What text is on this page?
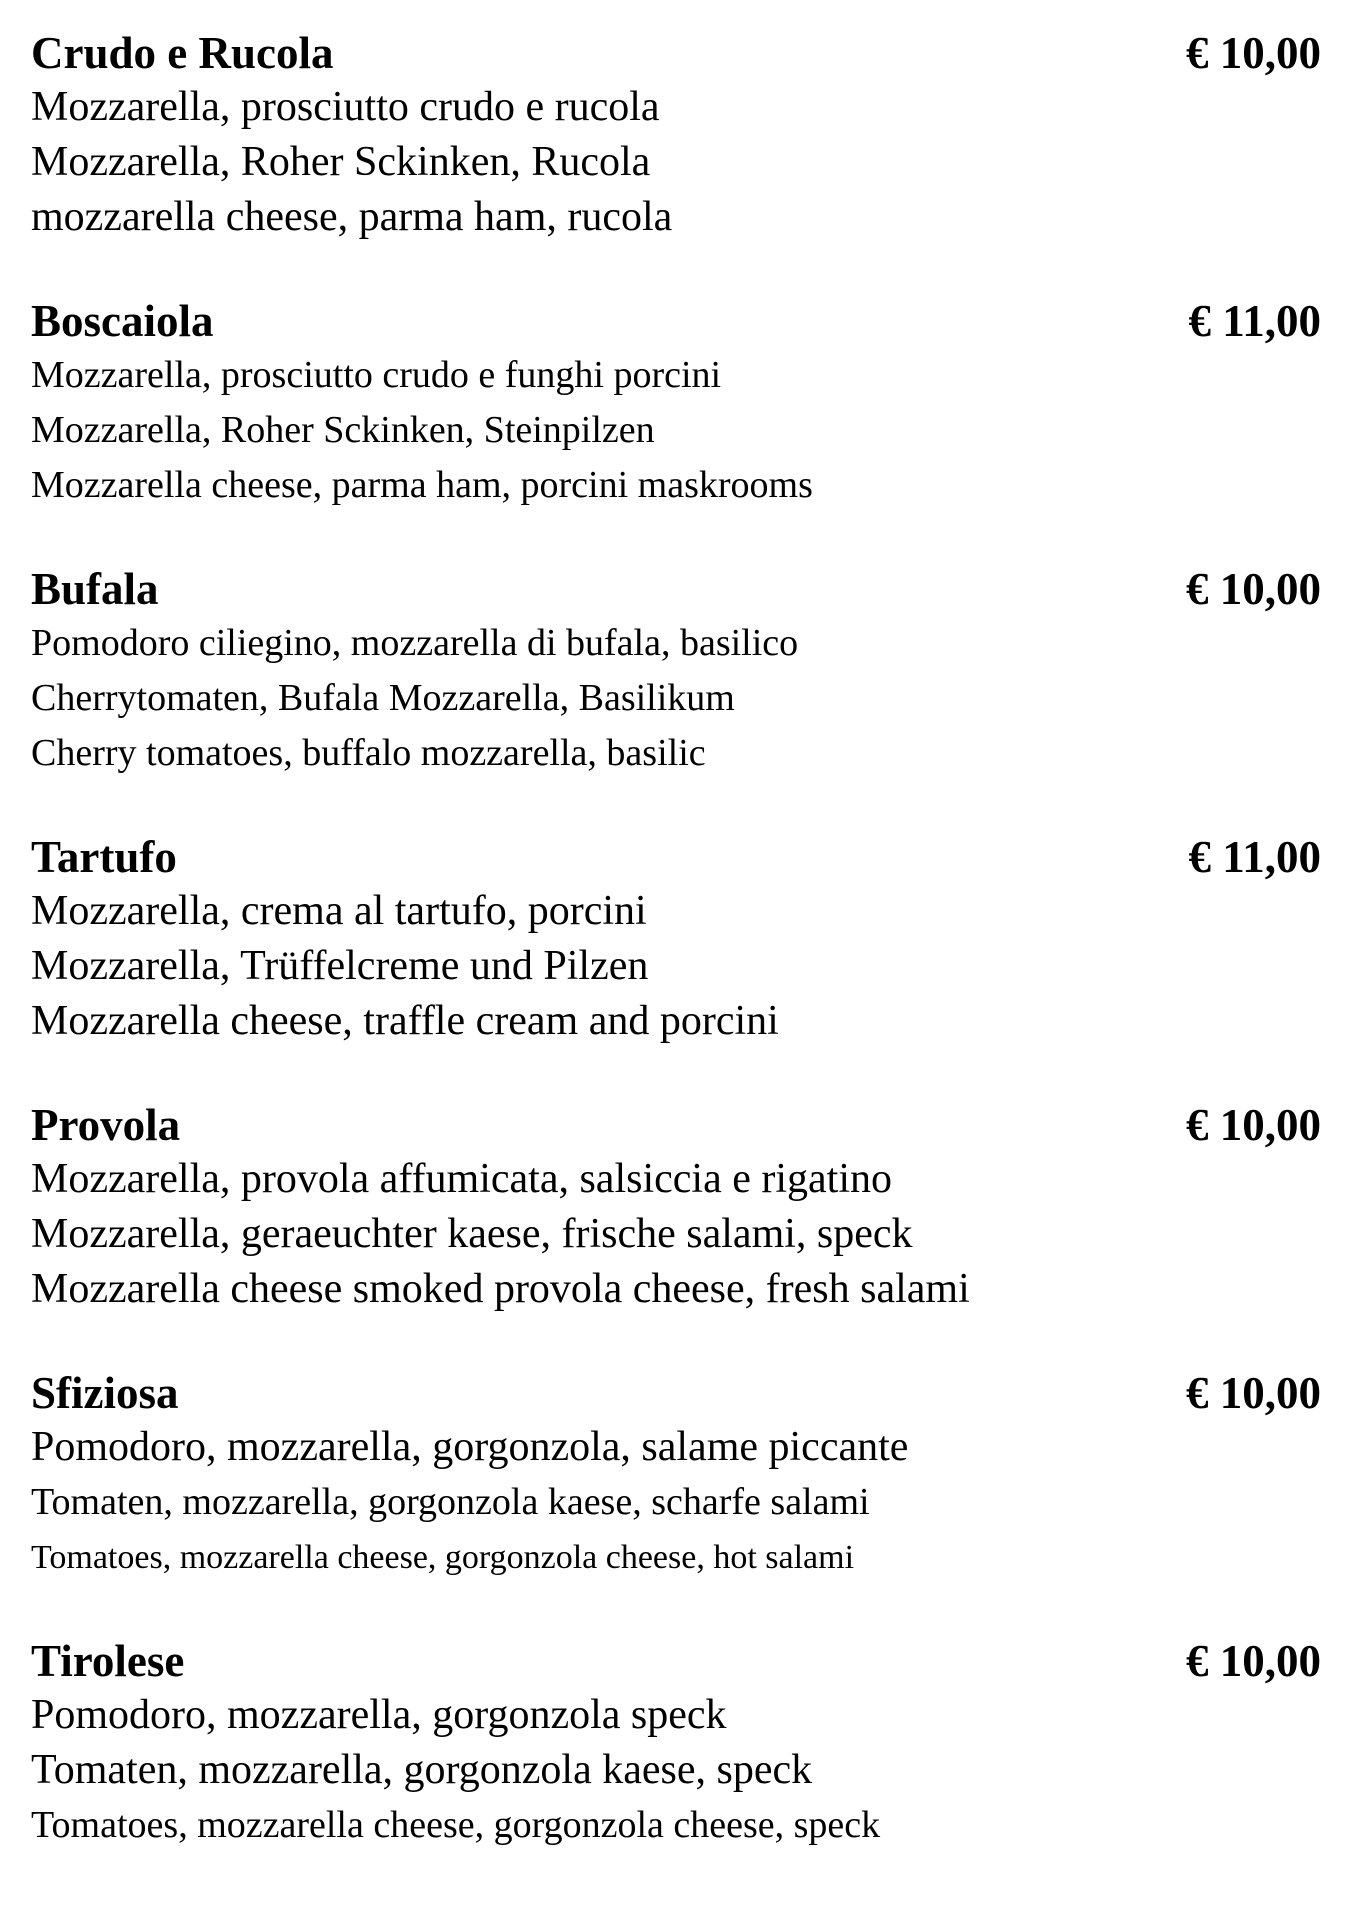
Crudo e Rucola	€ 10,00
Mozzarella, prosciutto crudo e rucola
Mozzarella, Roher Sckinken, Rucola
mozzarella cheese, parma ham, rucola
Boscaiola	€ 11,00
Mozzarella, prosciutto crudo e funghi porcini
Mozzarella, Roher Sckinken, Steinpilzen
Mozzarella cheese, parma ham, porcini maskrooms
Bufala	€ 10,00
Pomodoro ciliegino, mozzarella di bufala, basilico
Cherrytomaten, Bufala Mozzarella, Basilikum
Cherry tomatoes, buffalo mozzarella, basilic
Tartufo	€ 11,00
Mozzarella, crema al tartufo, porcini
Mozzarella, Trüffelcreme und Pilzen
Mozzarella cheese, traffle cream and porcini
Provola	€ 10,00
Mozzarella, provola affumicata, salsiccia e rigatino
Mozzarella, geraeuchter kaese, frische salami, speck
Mozzarella cheese smoked provola cheese, fresh salami
Sfiziosa	€ 10,00
Pomodoro, mozzarella, gorgonzola, salame piccante
Tomaten, mozzarella, gorgonzola kaese, scharfe salami
Tomatoes, mozzarella cheese, gorgonzola cheese, hot salami
Tirolese	€ 10,00
Pomodoro, mozzarella, gorgonzola speck
Tomaten, mozzarella, gorgonzola kaese, speck
Tomatoes, mozzarella cheese, gorgonzola cheese, speck
